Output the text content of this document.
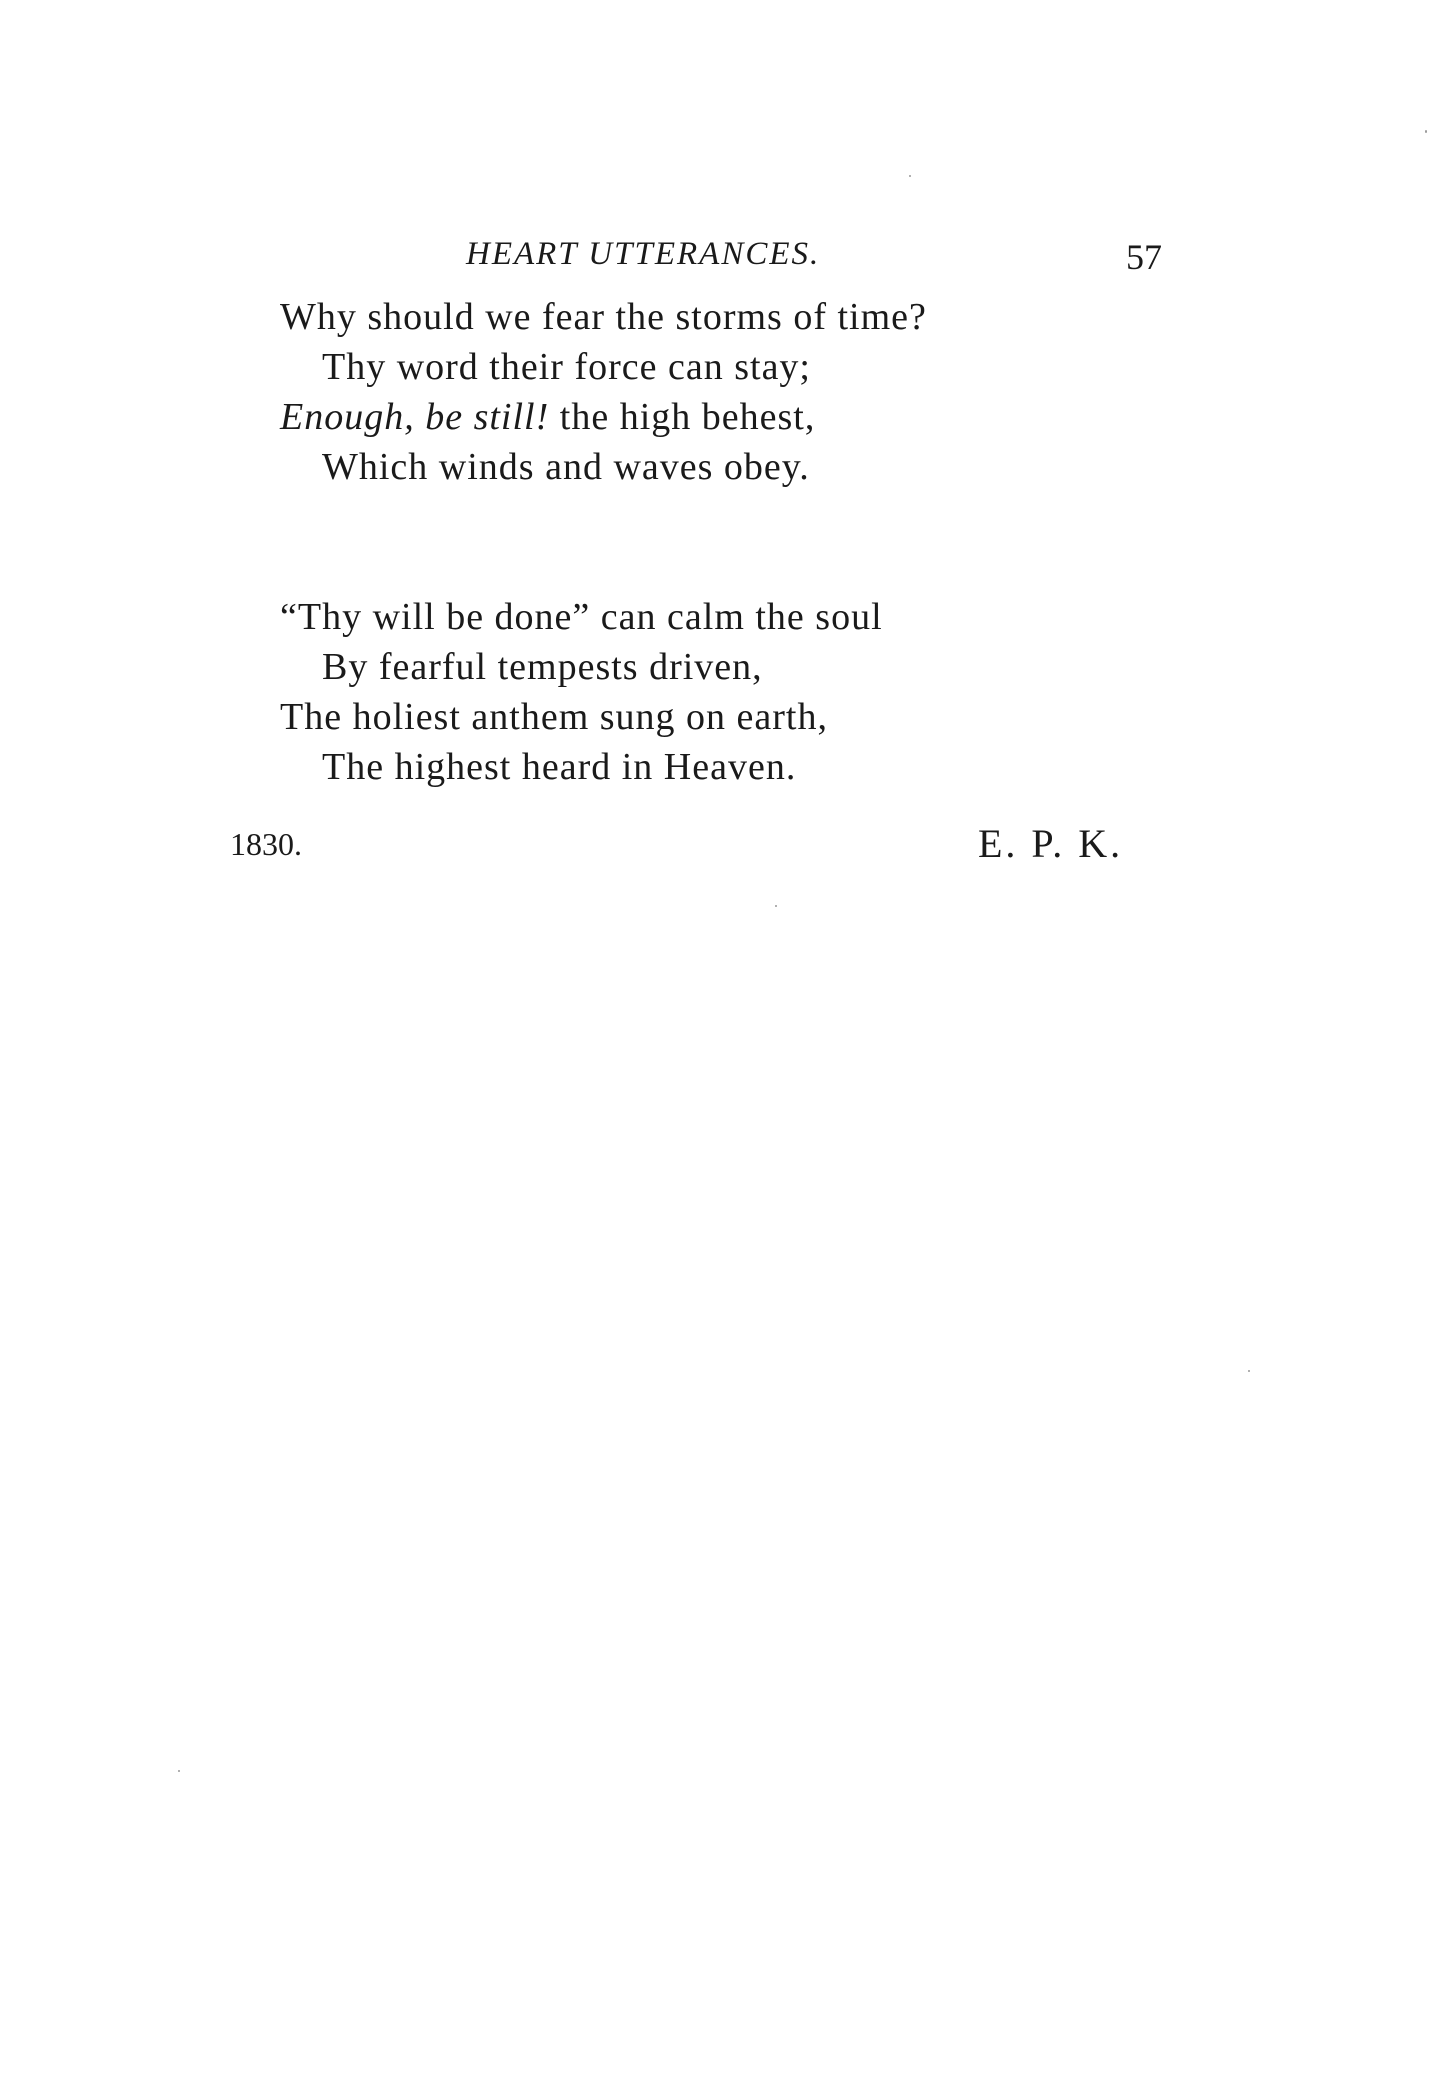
HEART UTTERANCES.	57
Why should we fear the storms of time?
Thy word their force can stay;
Enough, be still! the high behest,
Which winds and waves obey.
“Thy will be done” can calm the soul
By fearful tempests driven,
The holiest anthem sung on earth,
The highest heard in Heaven.
1830.	E. P. K.
